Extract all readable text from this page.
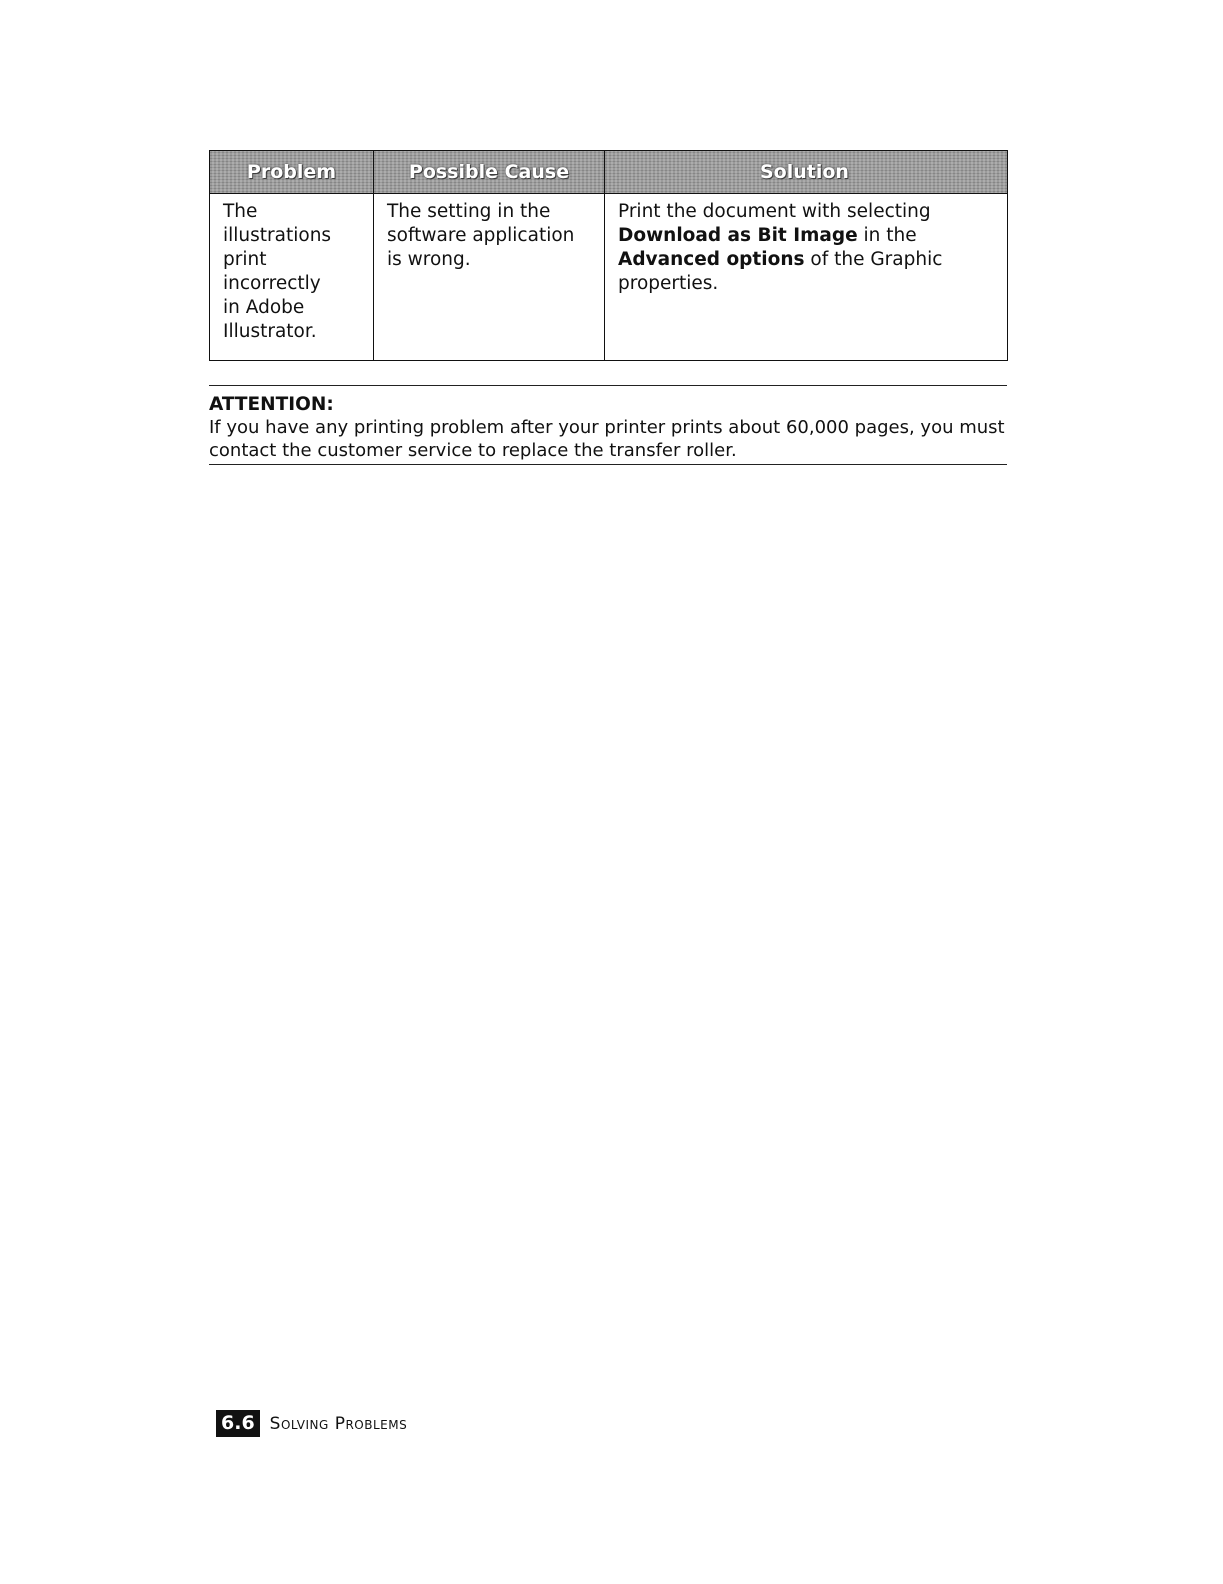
Problem	Possible Cause	Solution
The illustrations print incorrectly in Adobe Illustrator.	The setting in the software application is wrong.	Print the document with selecting Download as Bit Image in the Advanced options of the Graphic properties.
ATTENTION:
If you have any printing problem after your printer prints about 60,000 pages, you must contact the customer service to replace the transfer roller.
6.6 Solving Problems
